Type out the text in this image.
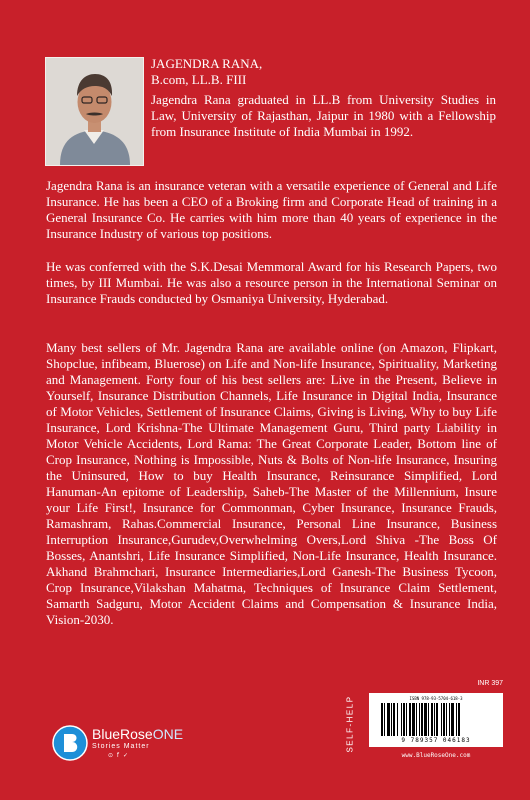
JAGENDRA RANA,

B.com, LL.B. FIII

Jagendra Rana graduated in LL.B from University Studies in Law, University of Rajasthan, Jaipur in 1980 with a Fellowship from Insurance Institute of India Mumbai in 1992.

Jagendra Rana is an insurance veteran with a versatile experience of General and Life Insurance. He has been a CEO of a Broking firm and Corporate Head of training in a General Insurance Co. He carries with him more than 40 years of experience in the Insurance Industry of various top positions.

He was conferred with the S.K.Desai Memmoral Award for his Research Papers, two times, by III Mumbai. He was also a resource person in the International Seminar on Insurance Frauds conducted by Osmaniya University, Hyderabad.

Many best sellers of Mr. Jagendra Rana are available online (on Amazon, Flipkart, Shopclue, infibeam, Bluerose) on Life and Non-life Insurance, Spirituality, Marketing and Management. Forty four of his best sellers are: Live in the Present, Believe in Yourself, Insurance Distribution Channels, Life Insurance in Digital India, Insurance of Motor Vehicles, Settlement of Insurance Claims, Giving is Living, Why to buy Life Insurance, Lord Krishna-The Ultimate Management Guru, Third party Liability in Motor Vehicle Accidents, Lord Rama: The Great Corporate Leader, Bottom line of Crop Insurance, Nothing is Impossible, Nuts & Bolts of Non-life Insurance, Insuring the Uninsured, How to buy Health Insurance, Reinsurance Simplified, Lord Hanuman-An epitome of Leadership, Saheb-The Master of the Millennium, Insure your Life First!, Insurance for Commonman, Cyber Insurance, Insurance Frauds, Ramashram, Rahas.Commercial Insurance, Personal Line Insurance, Business Interruption Insurance,Gurudev,Overwhelming Overs,Lord Shiva -The Boss Of Bosses, Anantshri, Life Insurance Simplified, Non-Life Insurance, Health Insurance. Akhand Brahmchari, Insurance Intermediaries,Lord Ganesh-The Business Tycoon, Crop Insurance,Vilakshan Mahatma, Techniques of Insurance Claim Settlement, Samarth Sadguru, Motor Accident Claims and Compensation & Insurance India, Vision-2030.

BlueRoseONE
Stories Matter
⊙ f ✓
INR 397
SELF-HELP	ISBN 978-93-5704-618-3
9 789357 046183
www.BlueRoseOne.com
